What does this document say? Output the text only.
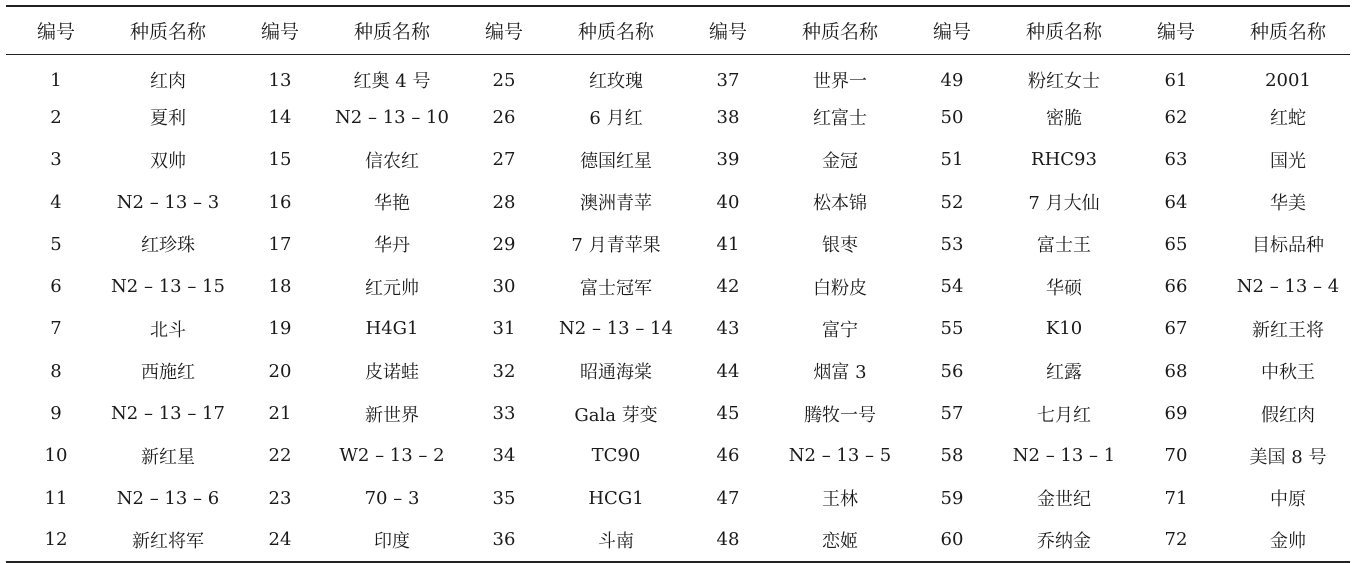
编号	种质名称	编号	种质名称	编号	种质名称	编号	种质名称	编号	种质名称	编号	种质名称
1	红肉	13	红奥 4 号	25	红玫瑰	37	世界一	49	粉红女士	61	2001
2	夏利	14	N2 – 13 – 10	26	6 月红	38	红富士	50	密脆	62	红蛇
3	双帅	15	信农红	27	德国红星	39	金冠	51	RHC93	63	国光
4	N2 – 13 – 3	16	华艳	28	澳洲青苹	40	松本锦	52	7 月大仙	64	华美
5	红珍珠	17	华丹	29	7 月青苹果	41	银枣	53	富士王	65	目标品种
6	N2 – 13 – 15	18	红元帅	30	富士冠军	42	白粉皮	54	华硕	66	N2 – 13 – 4
7	北斗	19	H4G1	31	N2 – 13 – 14	43	富宁	55	K10	67	新红王将
8	西施红	20	皮诺蛙	32	昭通海棠	44	烟富 3	56	红露	68	中秋王
9	N2 – 13 – 17	21	新世界	33	Gala 芽变	45	腾牧一号	57	七月红	69	假红肉
10	新红星	22	W2 – 13 – 2	34	TC90	46	N2 – 13 – 5	58	N2 – 13 – 1	70	美国 8 号
11	N2 – 13 – 6	23	70 – 3	35	HCG1	47	王林	59	金世纪	71	中原
12	新红将军	24	印度	36	斗南	48	恋姬	60	乔纳金	72	金帅
